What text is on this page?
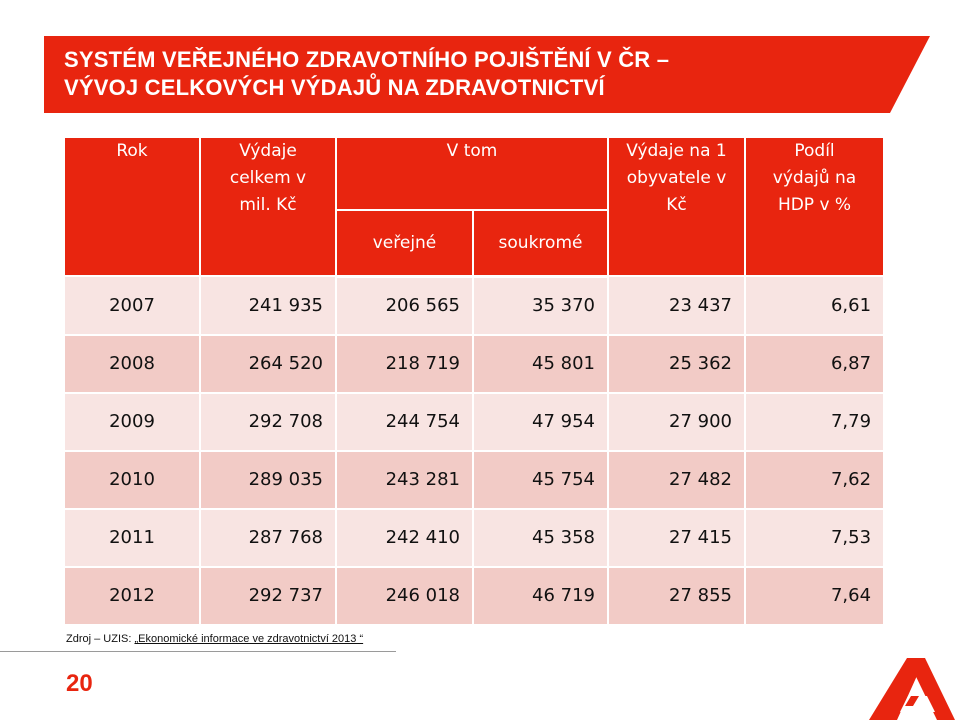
SYSTÉM VEŘEJNÉHO ZDRAVOTNÍHO POJIŠTĚNÍ V ČR –
VÝVOJ CELKOVÝCH VÝDAJŮ NA ZDRAVOTNICTVÍ
Rok	Výdaje celkem v mil. Kč	V tom		Výdaje na 1 obyvatele v Kč	Podíl výdajů na HDP v %
		veřejné	soukromé		
2007	241 935	206 565	35 370	23 437	6,61
2008	264 520	218 719	45 801	25 362	6,87
2009	292 708	244 754	47 954	27 900	7,79
2010	289 035	243 281	45 754	27 482	7,62
2011	287 768	242 410	45 358	27 415	7,53
2012	292 737	246 018	46 719	27 855	7,64
Zdroj – UZIS: „Ekonomické informace ve zdravotnictví 2013 “
20
